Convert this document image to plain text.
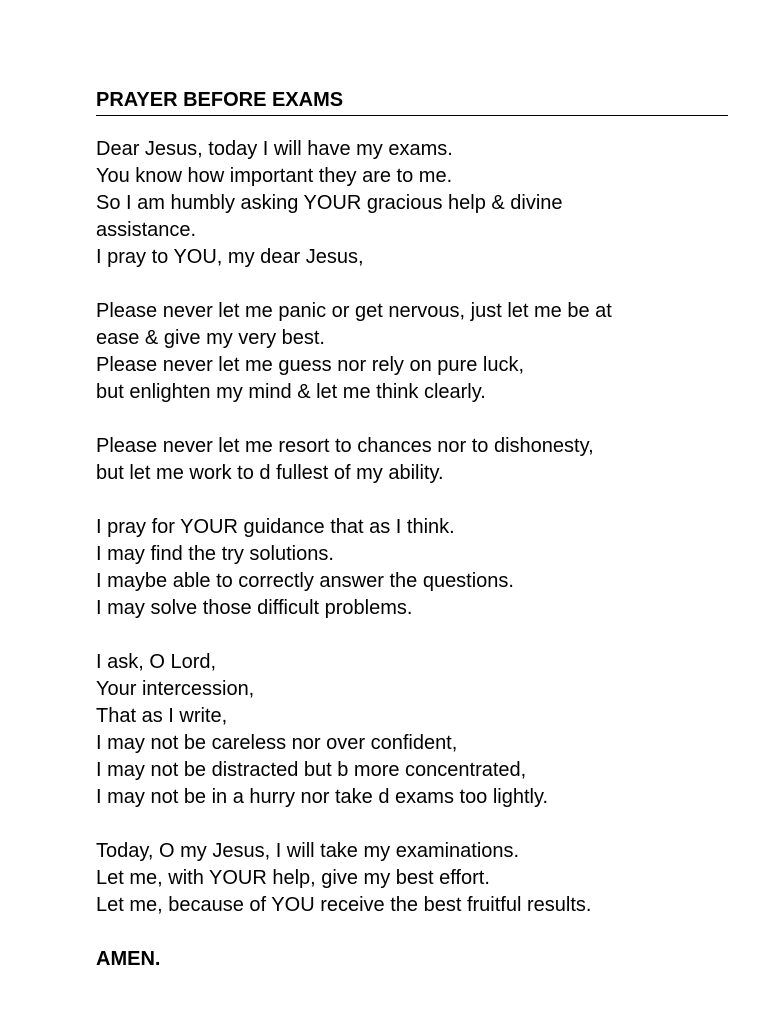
PRAYER BEFORE EXAMS

Dear Jesus, today I will have my exams.
You know how important they are to me.
So I am humbly asking YOUR gracious help & divine
assistance.
I pray to YOU, my dear Jesus,

Please never let me panic or get nervous, just let me be at
ease & give my very best.
Please never let me guess nor rely on pure luck,
but enlighten my mind & let me think clearly.

Please never let me resort to chances nor to dishonesty,
but let me work to d fullest of my ability.

I pray for YOUR guidance that as I think.
I may find the try solutions.
I maybe able to correctly answer the questions.
I may solve those difficult problems.

I ask, O Lord,
Your intercession,
That as I write,
I may not be careless nor over confident,
I may not be distracted but b more concentrated,
I may not be in a hurry nor take d exams too lightly.

Today, O my Jesus, I will take my examinations.
Let me, with YOUR help, give my best effort.
Let me, because of YOU receive the best fruitful results.

AMEN.
